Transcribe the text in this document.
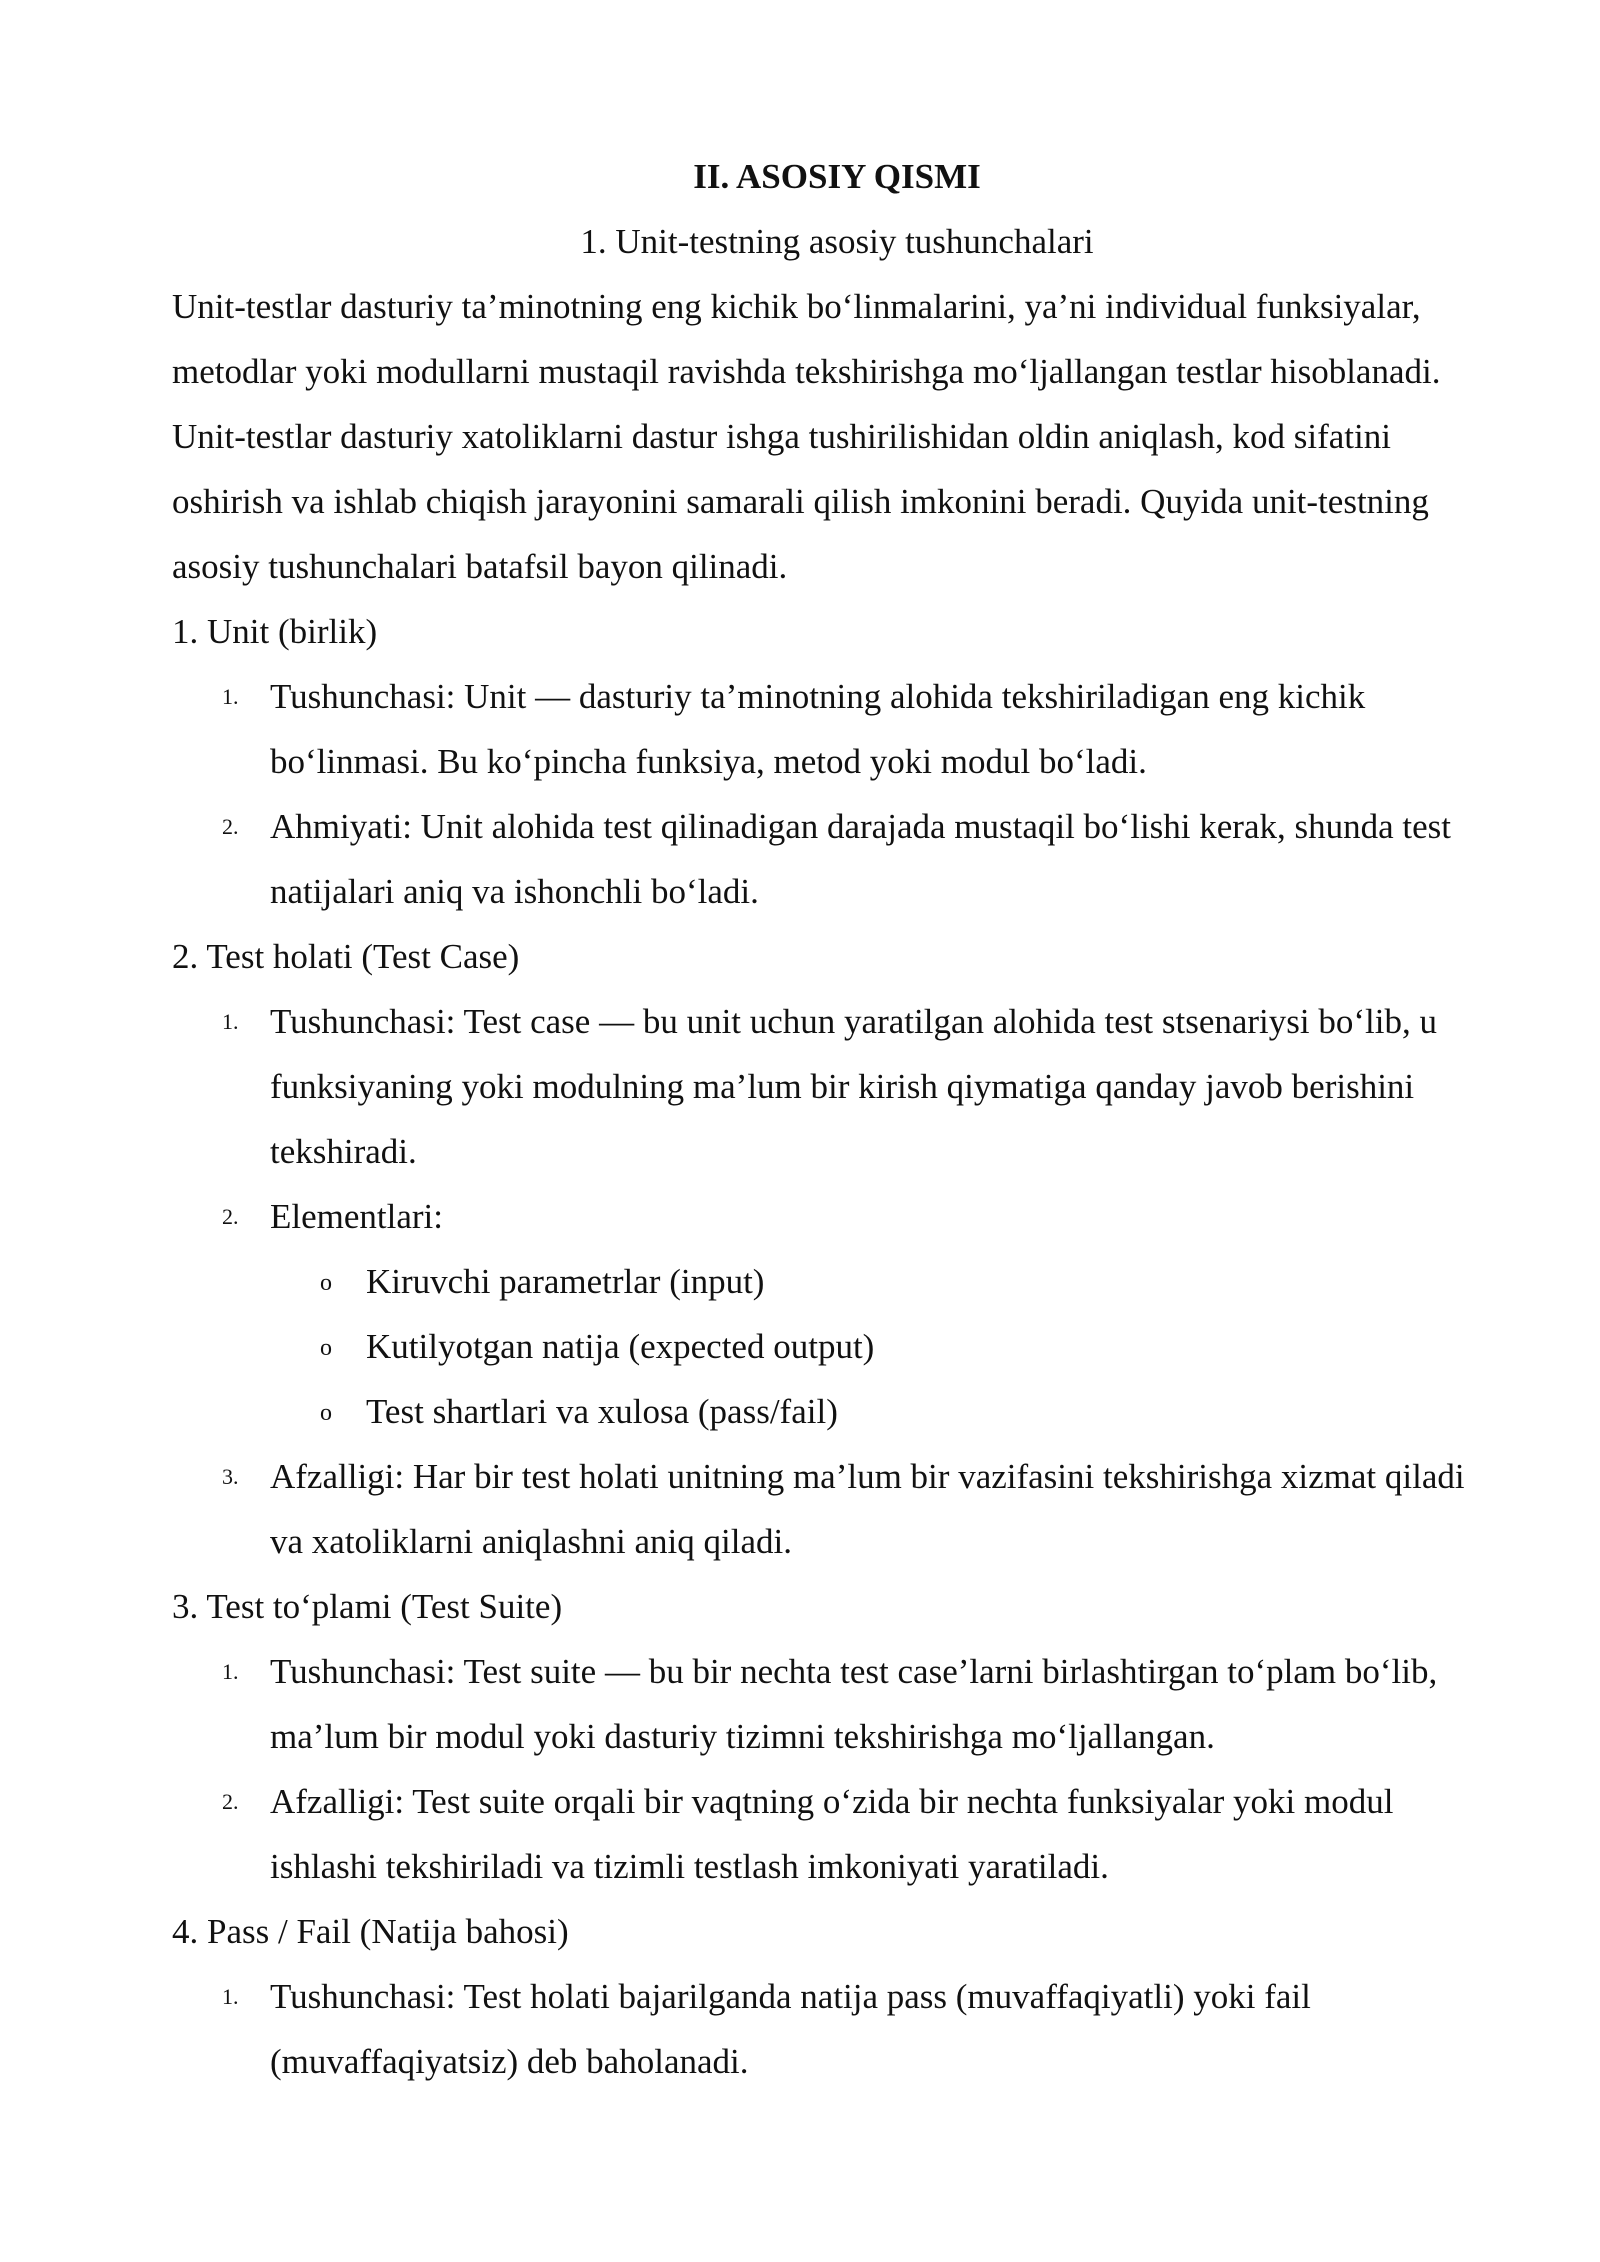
II. ASOSIY QISMI
1. Unit-testning asosiy tushunchalari

Unit-testlar dasturiy ta’minotning eng kichik bo‘linmalarini, ya’ni individual funksiyalar, metodlar yoki modullarni mustaqil ravishda tekshirishga mo‘ljallangan testlar hisoblanadi. Unit-testlar dasturiy xatoliklarni dastur ishga tushirilishidan oldin aniqlash, kod sifatini oshirish va ishlab chiqish jarayonini samarali qilish imkonini beradi. Quyida unit-testning asosiy tushunchalari batafsil bayon qilinadi.

1. Unit (birlik)

1. Tushunchasi: Unit — dasturiy ta’minotning alohida tekshiriladigan eng kichik bo‘linmasi. Bu ko‘pincha funksiya, metod yoki modul bo‘ladi.
2. Ahmiyati: Unit alohida test qilinadigan darajada mustaqil bo‘lishi kerak, shunda test natijalari aniq va ishonchli bo‘ladi.

2. Test holati (Test Case)

1. Tushunchasi: Test case — bu unit uchun yaratilgan alohida test stsenariysi bo‘lib, u funksiyaning yoki modulning ma’lum bir kirish qiymatiga qanday javob berishini tekshiradi.
2. Elementlari:
o Kiruvchi parametrlar (input)
o Kutilyotgan natija (expected output)
o Test shartlari va xulosa (pass/fail)
3. Afzalligi: Har bir test holati unitning ma’lum bir vazifasini tekshirishga xizmat qiladi va xatoliklarni aniqlashni aniq qiladi.

3. Test to‘plami (Test Suite)

1. Tushunchasi: Test suite — bu bir nechta test case’larni birlashtirgan to‘plam bo‘lib, ma’lum bir modul yoki dasturiy tizimni tekshirishga mo‘ljallangan.
2. Afzalligi: Test suite orqali bir vaqtning o‘zida bir nechta funksiyalar yoki modul ishlashi tekshiriladi va tizimli testlash imkoniyati yaratiladi.

4. Pass / Fail (Natija bahosi)

1. Tushunchasi: Test holati bajarilganda natija pass (muvaffaqiyatli) yoki fail (muvaffaqiyatsiz) deb baholanadi.
